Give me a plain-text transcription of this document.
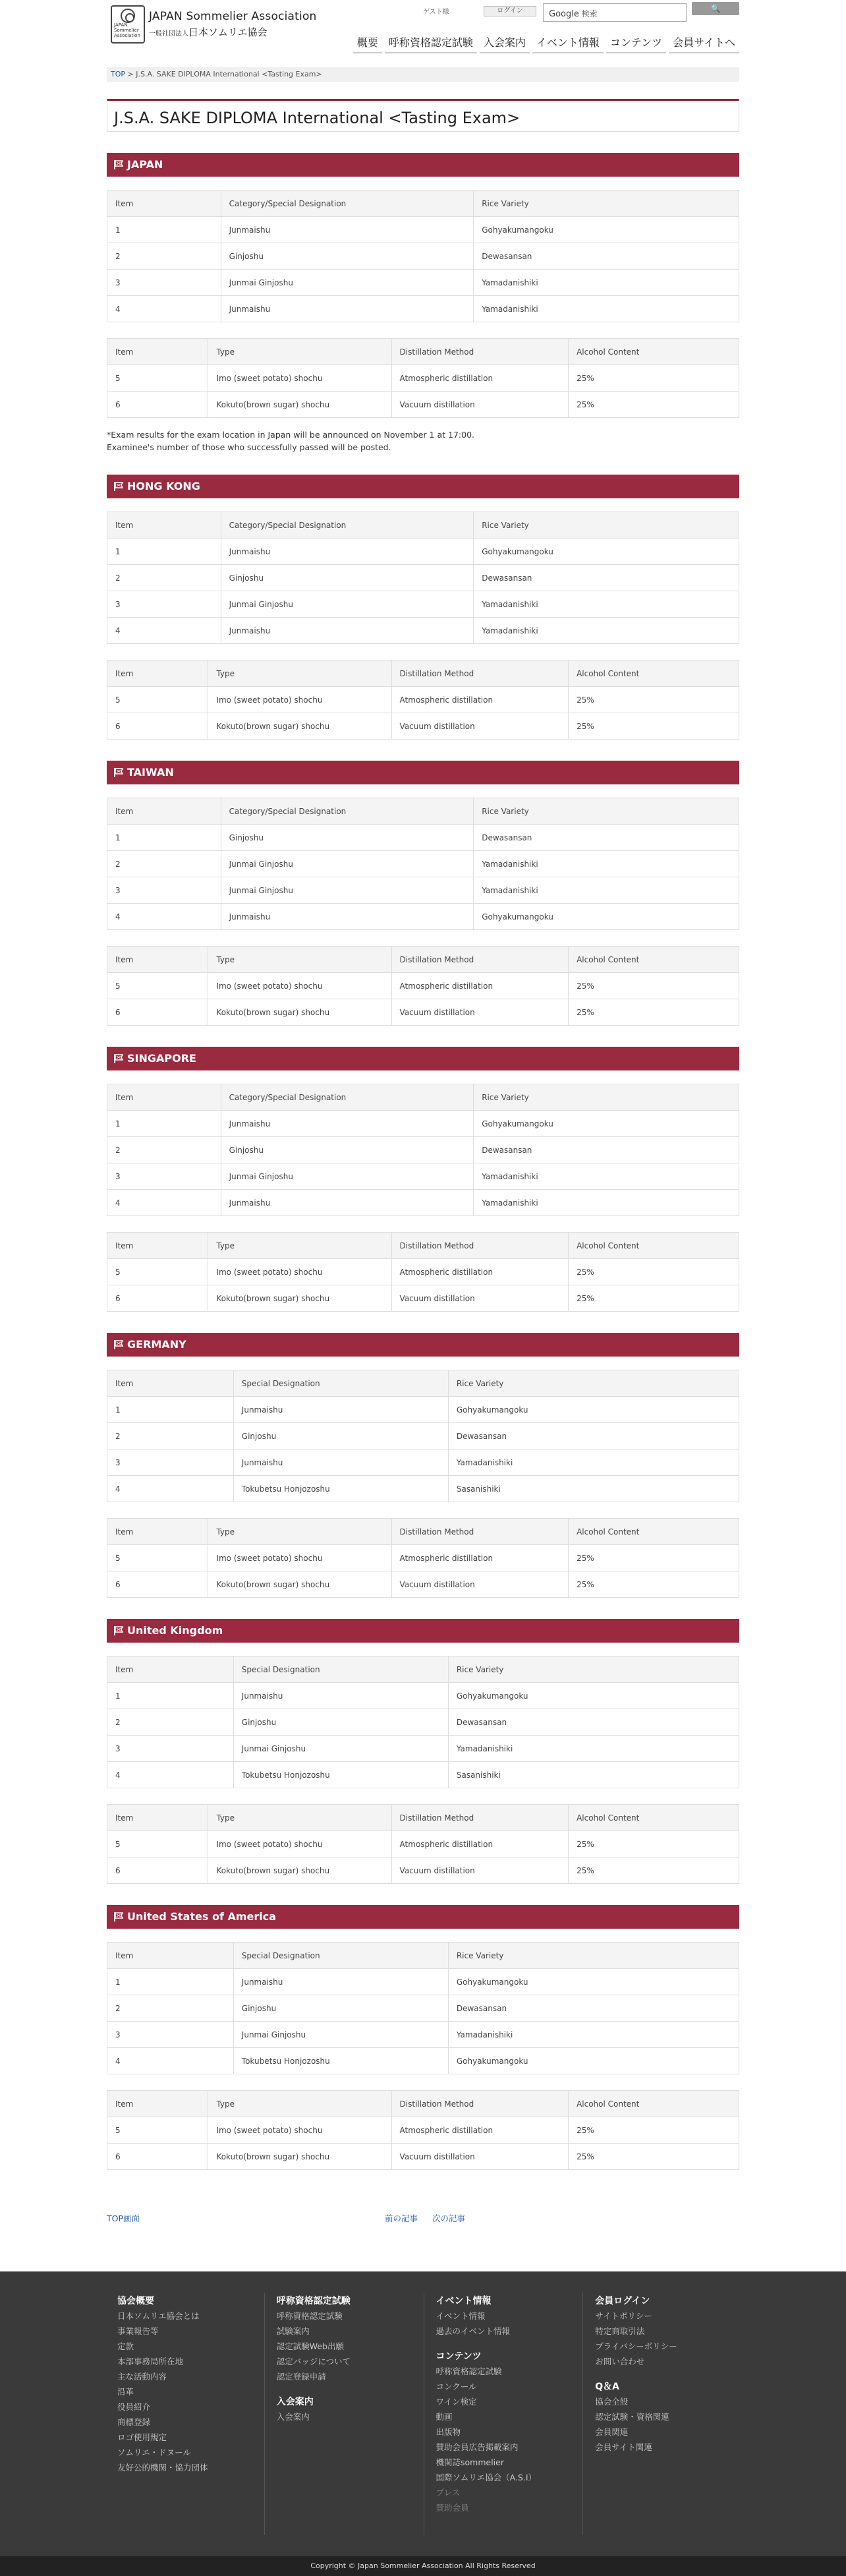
JAPAN Sommelier Association
JAPAN Sommelier Association
一般社団法人日本ソムリエ協会
ゲスト様	ログイン	Google 検索
🔍
概要	呼称資格認定試験	入会案内	イベント情報	コンテンツ	会員サイトへ
TOP > J.S.A. SAKE DIPLOMA International <Tasting Exam>
J.S.A. SAKE DIPLOMA International <Tasting Exam>
JAPAN
Item	Category/Special Designation	Rice Variety
1	Junmaishu	Gohyakumangoku
2	Ginjoshu	Dewasansan
3	Junmai Ginjoshu	Yamadanishiki
4	Junmaishu	Yamadanishiki
Item	Type	Distillation Method	Alcohol Content
5	Imo (sweet potato) shochu	Atmospheric distillation	25%
6	Kokuto(brown sugar) shochu	Vacuum distillation	25%
*Exam results for the exam location in Japan will be announced on November 1 at 17:00.
Examinee's number of those who successfully passed will be posted.
HONG KONG
Item	Category/Special Designation	Rice Variety
1	Junmaishu	Gohyakumangoku
2	Ginjoshu	Dewasansan
3	Junmai Ginjoshu	Yamadanishiki
4	Junmaishu	Yamadanishiki
Item	Type	Distillation Method	Alcohol Content
5	Imo (sweet potato) shochu	Atmospheric distillation	25%
6	Kokuto(brown sugar) shochu	Vacuum distillation	25%
TAIWAN
Item	Category/Special Designation	Rice Variety
1	Ginjoshu	Dewasansan
2	Junmai Ginjoshu	Yamadanishiki
3	Junmai Ginjoshu	Yamadanishiki
4	Junmaishu	Gohyakumangoku
Item	Type	Distillation Method	Alcohol Content
5	Imo (sweet potato) shochu	Atmospheric distillation	25%
6	Kokuto(brown sugar) shochu	Vacuum distillation	25%
SINGAPORE
Item	Category/Special Designation	Rice Variety
1	Junmaishu	Gohyakumangoku
2	Ginjoshu	Dewasansan
3	Junmai Ginjoshu	Yamadanishiki
4	Junmaishu	Yamadanishiki
Item	Type	Distillation Method	Alcohol Content
5	Imo (sweet potato) shochu	Atmospheric distillation	25%
6	Kokuto(brown sugar) shochu	Vacuum distillation	25%
GERMANY
Item	Special Designation	Rice Variety
1	Junmaishu	Gohyakumangoku
2	Ginjoshu	Dewasansan
3	Junmaishu	Yamadanishiki
4	Tokubetsu Honjozoshu	Sasanishiki
Item	Type	Distillation Method	Alcohol Content
5	Imo (sweet potato) shochu	Atmospheric distillation	25%
6	Kokuto(brown sugar) shochu	Vacuum distillation	25%
United Kingdom
Item	Special Designation	Rice Variety
1	Junmaishu	Gohyakumangoku
2	Ginjoshu	Dewasansan
3	Junmai Ginjoshu	Yamadanishiki
4	Tokubetsu Honjozoshu	Sasanishiki
Item	Type	Distillation Method	Alcohol Content
5	Imo (sweet potato) shochu	Atmospheric distillation	25%
6	Kokuto(brown sugar) shochu	Vacuum distillation	25%
United States of America
Item	Special Designation	Rice Variety
1	Junmaishu	Gohyakumangoku
2	Ginjoshu	Dewasansan
3	Junmai Ginjoshu	Yamadanishiki
4	Tokubetsu Honjozoshu	Gohyakumangoku
Item	Type	Distillation Method	Alcohol Content
5	Imo (sweet potato) shochu	Atmospheric distillation	25%
6	Kokuto(brown sugar) shochu	Vacuum distillation	25%
TOP画面	前の記事 次の記事
協会概要
日本ソムリエ協会とは
事業報告等
定款
本部事務局所在地
主な活動内容
沿革
役員紹介
商標登録
ロゴ使用規定
ソムリエ・ドヌール
友好公的機関・協力団体
呼称資格認定試験
呼称資格認定試験
試験案内
認定試験Web出願
認定バッジについて
認定登録申請
入会案内
入会案内
イベント情報
イベント情報
過去のイベント情報
コンテンツ
呼称資格認定試験
コンクール
ワイン検定
動画
出版物
賛助会員広告掲載案内
機関誌sommelier
国際ソムリエ協会（A.S.I）
プレス
賛助会員
会員ログイン
サイトポリシー
特定商取引法
プライバシーポリシー
お問い合わせ
Q＆A
協会全般
認定試験・資格関連
会員関連
会員サイト関連
Copyright © Japan Sommelier Association All Rights Reserved
